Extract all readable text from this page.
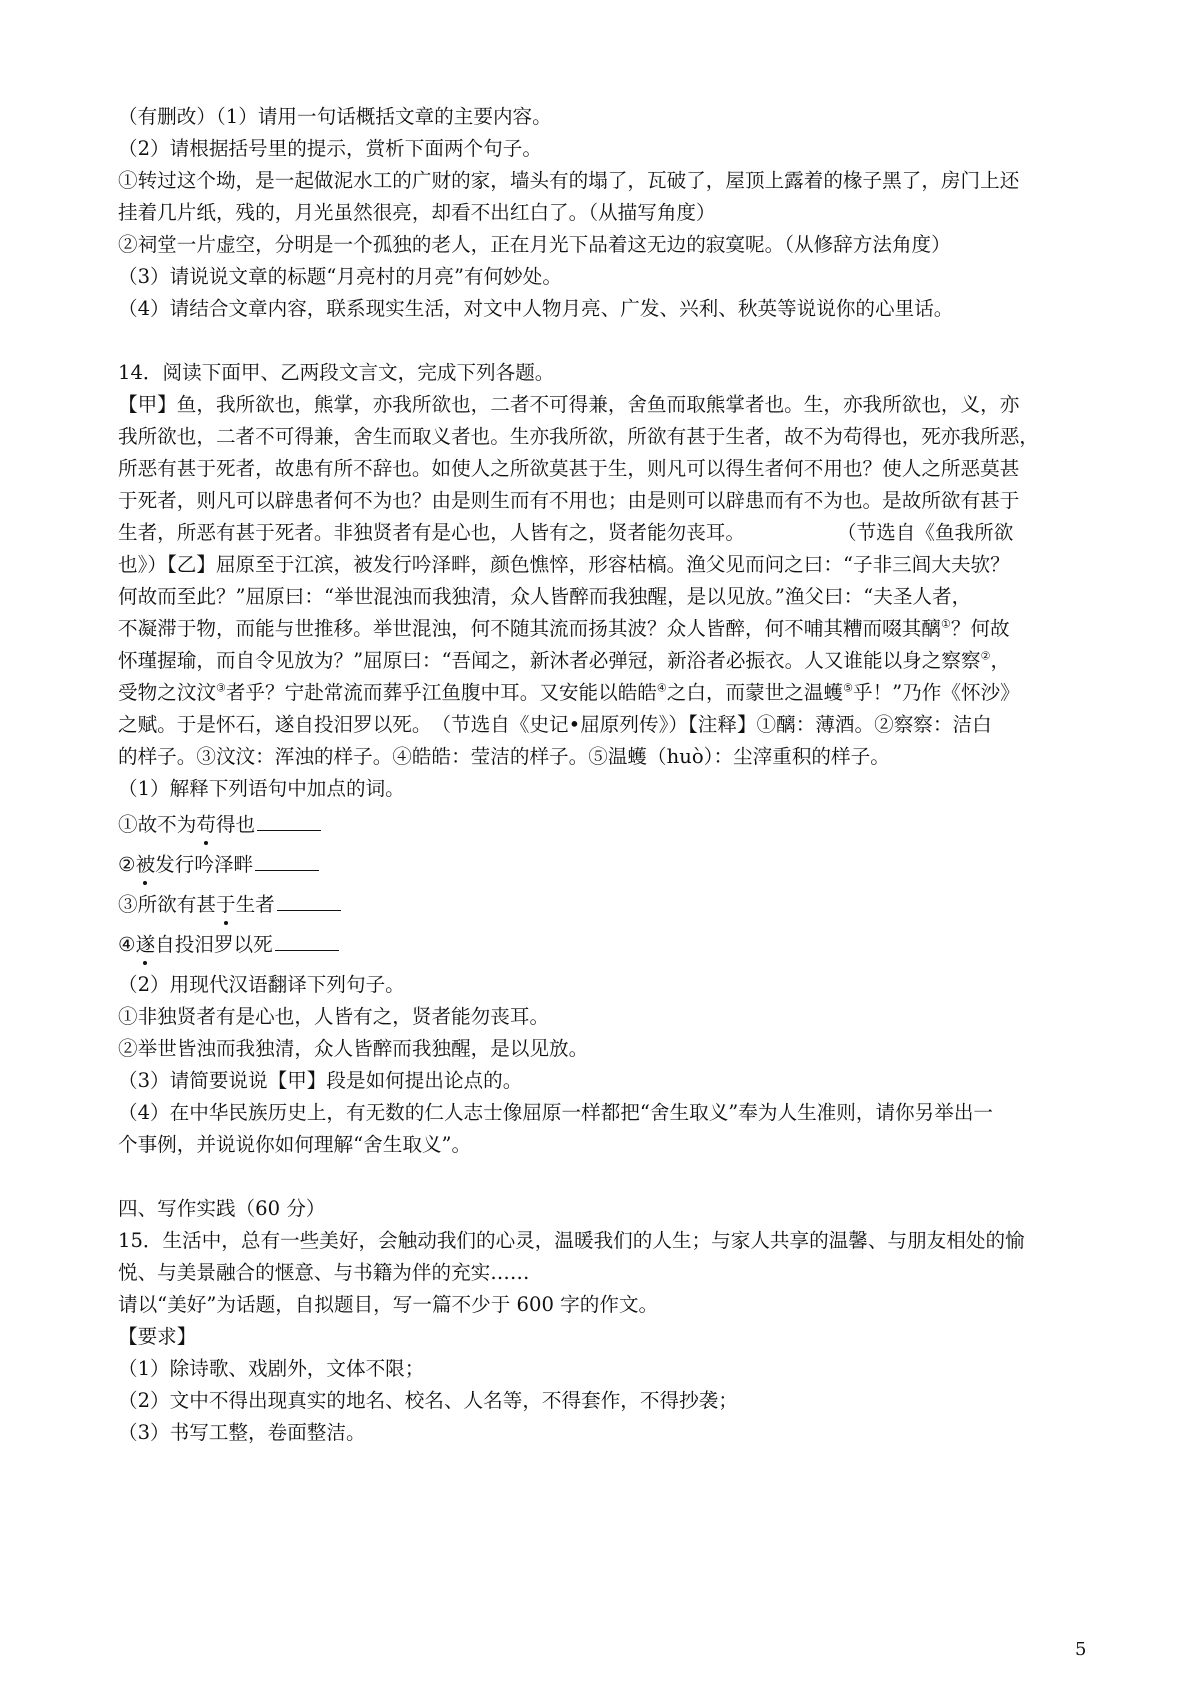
（有删改）（1）请用一句话概括文章的主要内容。
（2）请根据括号里的提示，赏析下面两个句子。
①转过这个坳，是一起做泥水工的广财的家，墙头有的塌了，瓦破了，屋顶上露着的椽子黑了，房门上还
挂着几片纸，残的，月光虽然很亮，却看不出红白了。（从描写角度）
②祠堂一片虚空，分明是一个孤独的老人，正在月光下品着这无边的寂寞呢。（从修辞方法角度）
（3）请说说文章的标题“月亮村的月亮”有何妙处。
（4）请结合文章内容，联系现实生活，对文中人物月亮、广发、兴利、秋英等说说你的心里话。
14．阅读下面甲、乙两段文言文，完成下列各题。
【甲】鱼，我所欲也，熊掌，亦我所欲也，二者不可得兼，舍鱼而取熊掌者也。生，亦我所欲也，义，亦
我所欲也，二者不可得兼，舍生而取义者也。生亦我所欲，所欲有甚于生者，故不为苟得也，死亦我所恶，
所恶有甚于死者，故患有所不辞也。如使人之所欲莫甚于生，则凡可以得生者何不用也？使人之所恶莫甚
于死者，则凡可以辟患者何不为也？由是则生而有不用也；由是则可以辟患而有不为也。是故所欲有甚于
生者，所恶有甚于死者。非独贤者有是心也，人皆有之，贤者能勿丧耳。	（节选自《鱼我所欲
也》）【乙】屈原至于江滨，被发行吟泽畔，颜色憔悴，形容枯槁。渔父见而问之曰：“子非三闾大夫欤？
何故而至此？”屈原曰：“举世混浊而我独清，众人皆醉而我独醒，是以见放。”渔父曰：“夫圣人者，
不凝滞于物，而能与世推移。举世混浊，何不随其流而扬其波？众人皆醉，何不哺其糟而啜其醨①？何故
怀瑾握瑜，而自令见放为？”屈原曰：“吾闻之，新沐者必弹冠，新浴者必振衣。人又谁能以身之察察②，
受物之汶汶③者乎？宁赴常流而葬乎江鱼腹中耳。又安能以皓皓④之白，而蒙世之温蠖⑤乎！”乃作《怀沙》
之赋。于是怀石，遂自投汨罗以死。　（节选自《史记•屈原列传》）【注释】①醨：薄酒。②察察：洁白
的样子。③汶汶：浑浊的样子。④皓皓：莹洁的样子。⑤温蠖（huò）：尘滓重积的样子。
（1）解释下列语句中加点的词。
①故不为苟得也
②被发行吟泽畔
③所欲有甚于生者
④遂自投汨罗以死
（2）用现代汉语翻译下列句子。
①非独贤者有是心也，人皆有之，贤者能勿丧耳。
②举世皆浊而我独清，众人皆醉而我独醒，是以见放。
（3）请简要说说【甲】段是如何提出论点的。
（4）在中华民族历史上，有无数的仁人志士像屈原一样都把“舍生取义”奉为人生准则，请你另举出一
个事例，并说说你如何理解“舍生取义”。
四、写作实践（60 分）
15．生活中，总有一些美好，会触动我们的心灵，温暖我们的人生；与家人共享的温馨、与朋友相处的愉
悦、与美景融合的惬意、与书籍为伴的充实……
请以“美好”为话题，自拟题目，写一篇不少于 600 字的作文。
【要求】
（1）除诗歌、戏剧外，文体不限；
（2）文中不得出现真实的地名、校名、人名等，不得套作，不得抄袭；
（3）书写工整，卷面整洁。
5
